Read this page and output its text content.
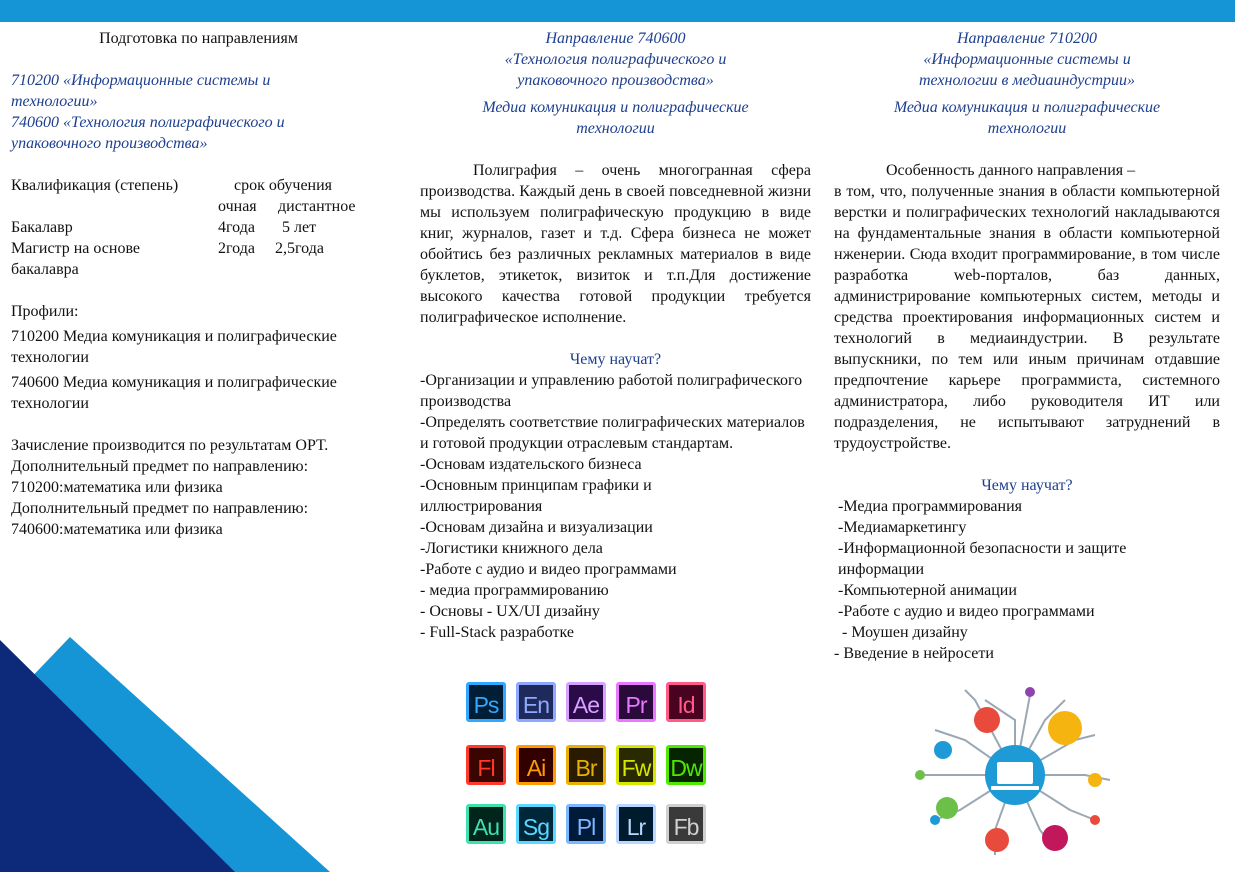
Подготовка по направлениям

710200 «Информационные системы и технологии»

740600 «Технология полиграфического и упаковочного производства»

Квалификация (степень)	срок обучения
очная дистантное
Бакалавр	4года 5 лет
Магистр на основе	2года 2,5года

бакалавра

Профили:

710200 Медиа комуникация и полиграфические технологии

740600 Медиа комуникация и полиграфические технологии

Зачисление производится по результатам ОРТ.

Дополнительный предмет по направлению:

710200:математика или физика

Дополнительный предмет по направлению:

740600:математика или физика

Направление 740600

«Технология полиграфического и упаковочного производства»

Медиа комуникация и полиграфические технологии

Полиграфия – очень многогранная сфера производства. Каждый день в своей повседневной жизни мы используем полиграфическую продукцию в виде книг, журналов, газет и т.д. Сфера бизнеса не может обойтись без различных рекламных материалов в виде буклетов, этикеток, визиток и т.п.Для достижение высокого качества готовой продукции требуется полиграфическое исполнение.

Чему научат?

-Организации и управлению работой полиграфического производства
-Определять соответствие полиграфических материалов и готовой продукции отраслевым стандартам.
-Основам издательского бизнеса
-Основным принципам графики и иллюстрирования
-Основам дизайна и визуализации
-Логистики книжного дела
-Работе с аудио и видео программами
- медиа программированию
- Основы - UX/UI дизайну
- Full-Stack разработке
Ps	En	Ae	Pr	Id
Fl	Ai	Br	Fw Dw
Au	Sg	Pl	Lr	Fb

Направление 710200

«Информационные системы и технологии в медиаиндустрии»

Медиа комуникация и полиграфические технологии

Особенность данного направления –

в том, что, полученные знания в области компьютерной верстки и полиграфических технологий накладываются на фундаментальные знания в области компьютерной нженерии. Сюда входит программирование, в том числе разработка web-порталов, баз данных, администрирование компьютерных систем, методы и средства проектирования информационных систем и технологий в медиаиндустрии. В результате выпускники, по тем или иным причинам отдавшие предпочтение карьере программиста, системного администратора, либо руководителя ИТ или подразделения, не испытывают затруднений в трудоустройстве.

Чему научат?

-Медиа программирования
-Медиамаркетингу
-Информационной безопасности и защите информации
-Компьютерной анимации
-Работе с аудио и видео программами
- Моушен дизайну
- Введение в нейросети
